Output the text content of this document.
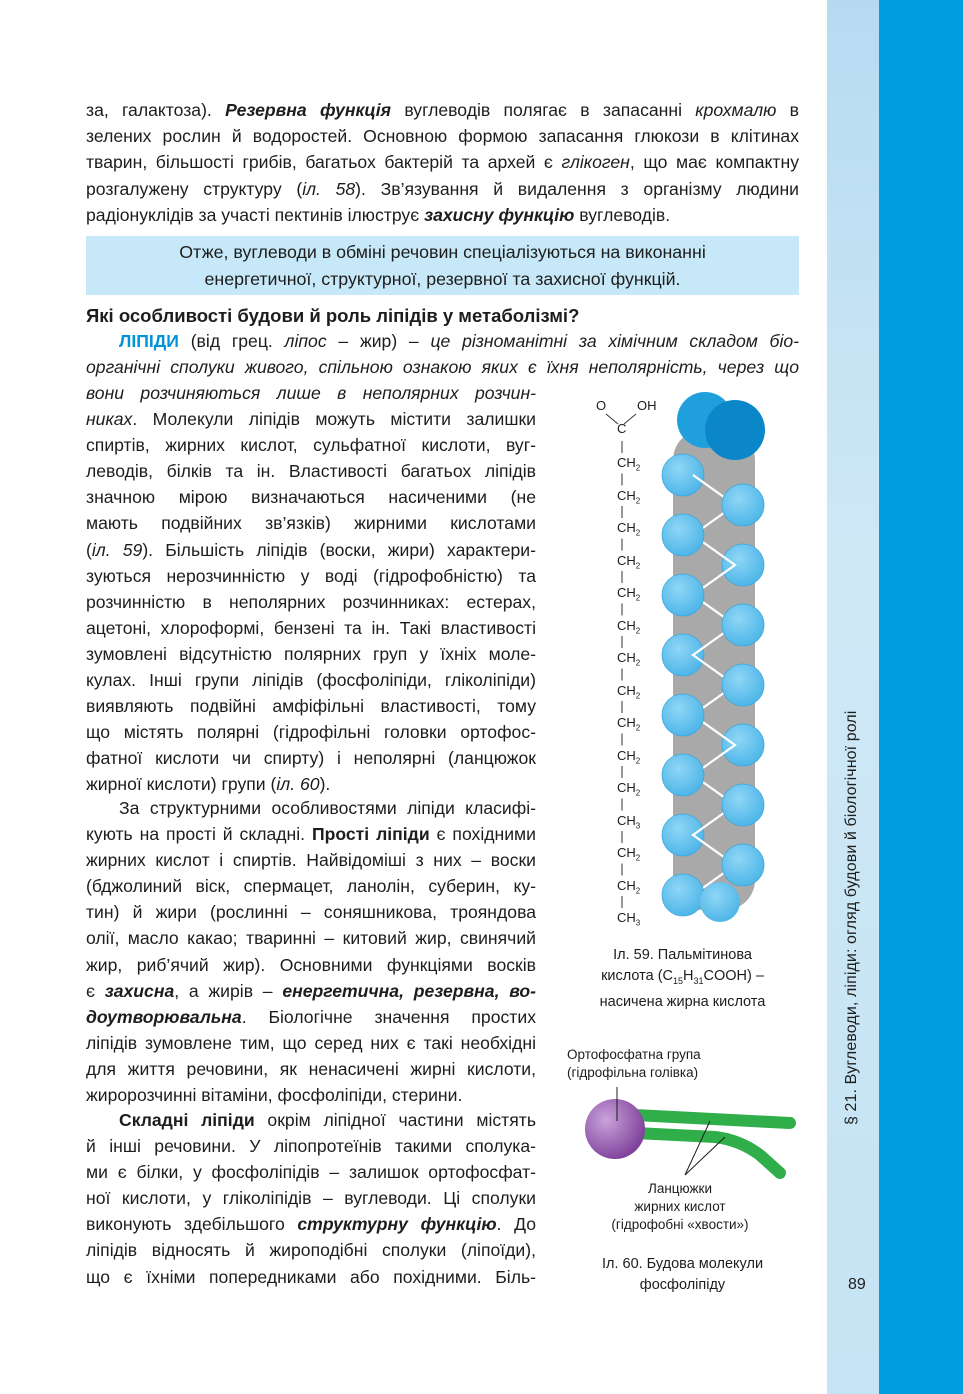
§ 21. Вуглеводи, ліпіди: огляд будови й біологічної ролі
89
за, галактоза). Резервна функція вуглеводів полягає в запасанні крохмалю в
зелених рослин й водоростей. Основною формою запасання глюкози в клітинах
тварин, більшості грибів, багатьох бактерій та архей є глікоген, що має компактну
розгалужену структуру (іл. 58). Зв’язування й видалення з організму людини
радіонуклідів за участі пектинів ілюструє захисну функцію вуглеводів.
Отже, вуглеводи в обміні речовин спеціалізуються на виконанні
енергетичної, структурної, резервної та захисної функцій.
Які особливості будови й роль ліпідів у метаболізмі?
ЛІПІДИ (від грец. ліпос – жир) – це різноманітні за хімічним складом біо-
органічні сполуки живого, спільною ознакою яких є їхня неполярність, через що
вони розчиняються лише в неполярних розчин-
никах. Молекули ліпідів можуть містити залишки
спиртів, жирних кислот, сульфатної кислоти, вуг-
леводів, білків та ін. Властивості багатьох ліпідів
значною мірою визначаються насиченими (не
мають подвійних зв’язків) жирними кислотами
(іл. 59). Більшість ліпідів (воски, жири) характери-
зуються нерозчинністю у воді (гідрофобністю) та
розчинністю в неполярних розчинниках: естерах,
ацетоні, хлороформі, бензені та ін. Такі властивості
зумовлені відсутністю полярних груп у їхніх моле-
кулах. Інші групи ліпідів (фосфоліпіди, гліколіпіди)
виявляють подвійні амфіфільні властивості, тому
що містять полярні (гідрофільні головки ортофос-
фатної кислоти чи спирту) і неполярні (ланцюжок
жирної кислоти) групи (іл. 60).
За структурними особливостями ліпіди класифі-
кують на прості й складні. Прості ліпіди є похідними
жирних кислот і спиртів. Найвідоміші з них – воски
(бджолиний віск, спермацет, ланолін, суберин, ку-
тин) й жири (рослинні – соняшникова, трояндова
олії, масло какао; тваринні – китовий жир, свинячий
жир, риб’ячий жир). Основними функціями восків
є захисна, а жирів – енергетична, резервна, во-
доутворювальна. Біологічне значення простих
ліпідів зумовлене тим, що серед них є такі необхідні
для життя речовини, як ненасичені жирні кислоти,
жиророзчинні вітаміни, фосфоліпіди, стерини.
Складні ліпіди окрім ліпідної частини містять
й інші речовини. У ліпопротеїнів такими сполука-
ми є білки, у фосфоліпідів – залишок ортофосфат-
ної кислоти, у гліколіпідів – вуглеводи. Ці сполуки
виконують здебільшого структурну функцію. До
ліпідів відносять й жироподібні сполуки (ліпоїди),
що є їхніми попередниками або похідними. Біль-
O OH
C
$CH_2$
$CH_2$
$CH_2$
$CH_2$
$CH_2$
$CH_2$
$CH_2$
$CH_2$
$CH_2$
$CH_2$
$CH_2$
$CH_3$
$CH_2$
$CH_2$
$CH_3$
Іл. 59. Пальмітинова
кислота $(C_{15}H_{31}COOH)$ –
насичена жирна кислота
Ортофосфатна група
(гідрофільна голівка)
Ланцюжки
жирних кислот
(гідрофобні «хвости»)
Іл. 60. Будова молекули
фосфоліпіду
